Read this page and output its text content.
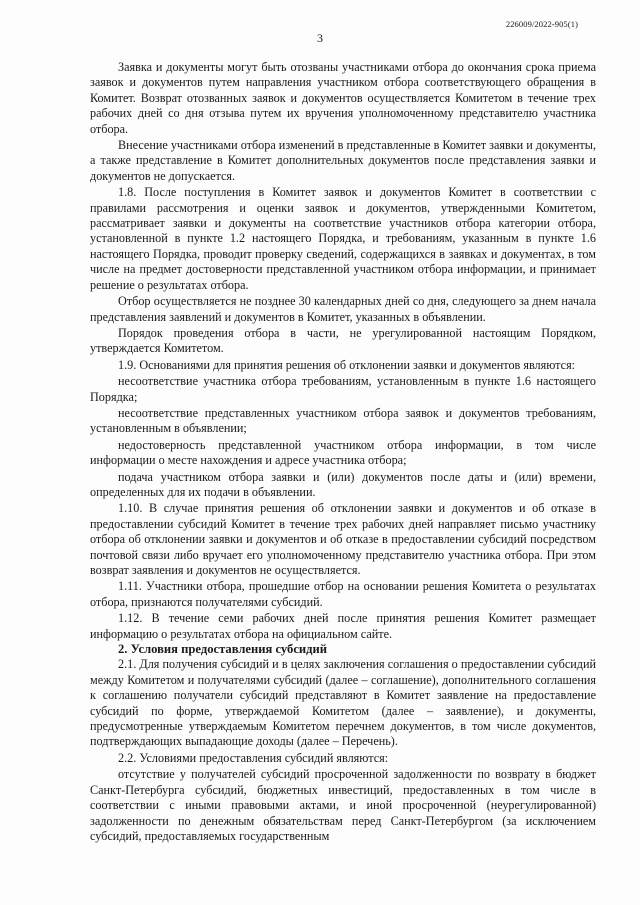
226009/2022-905(1)
3

Заявка и документы могут быть отозваны участниками отбора до окончания срока приема заявок и документов путем направления участником отбора соответствующего обращения в Комитет. Возврат отозванных заявок и документов осуществляется Комитетом в течение трех рабочих дней со дня отзыва путем их вручения уполномоченному представителю участника отбора.

Внесение участниками отбора изменений в представленные в Комитет заявки и документы, а также представление в Комитет дополнительных документов после представления заявки и документов не допускается.

1.8. После поступления в Комитет заявок и документов Комитет в соответствии с правилами рассмотрения и оценки заявок и документов, утвержденными Комитетом, рассматривает заявки и документы на соответствие участников отбора категории отбора, установленной в пункте 1.2 настоящего Порядка, и требованиям, указанным в пункте 1.6 настоящего Порядка, проводит проверку сведений, содержащихся в заявках и документах, в том числе на предмет достоверности представленной участником отбора информации, и принимает решение о результатах отбора.

Отбор осуществляется не позднее 30 календарных дней со дня, следующего за днем начала представления заявлений и документов в Комитет, указанных в объявлении.

Порядок проведения отбора в части, не урегулированной настоящим Порядком, утверждается Комитетом.

1.9. Основаниями для принятия решения об отклонении заявки и документов являются:

несоответствие участника отбора требованиям, установленным в пункте 1.6 настоящего Порядка;

несоответствие представленных участником отбора заявок и документов требованиям, установленным в объявлении;

недостоверность представленной участником отбора информации, в том числе информации о месте нахождения и адресе участника отбора;

подача участником отбора заявки и (или) документов после даты и (или) времени, определенных для их подачи в объявлении.

1.10. В случае принятия решения об отклонении заявки и документов и об отказе в предоставлении субсидий Комитет в течение трех рабочих дней направляет письмо участнику отбора об отклонении заявки и документов и об отказе в предоставлении субсидий посредством почтовой связи либо вручает его уполномоченному представителю участника отбора. При этом возврат заявления и документов не осуществляется.

1.11. Участники отбора, прошедшие отбор на основании решения Комитета о результатах отбора, признаются получателями субсидий.

1.12. В течение семи рабочих дней после принятия решения Комитет размещает информацию о результатах отбора на официальном сайте.

2. Условия предоставления субсидий

2.1. Для получения субсидий и в целях заключения соглашения о предоставлении субсидий между Комитетом и получателями субсидий (далее – соглашение), дополнительного соглашения к соглашению получатели субсидий представляют в Комитет заявление на предоставление субсидий по форме, утверждаемой Комитетом (далее – заявление), и документы, предусмотренные утверждаемым Комитетом перечнем документов, в том числе документов, подтверждающих выпадающие доходы (далее – Перечень).

2.2. Условиями предоставления субсидий являются:

отсутствие у получателей субсидий просроченной задолженности по возврату в бюджет Санкт-Петербурга субсидий, бюджетных инвестиций, предоставленных в том числе в соответствии с иными правовыми актами, и иной просроченной (неурегулированной) задолженности по денежным обязательствам перед Санкт-Петербургом (за исключением субсидий, предоставляемых государственным
